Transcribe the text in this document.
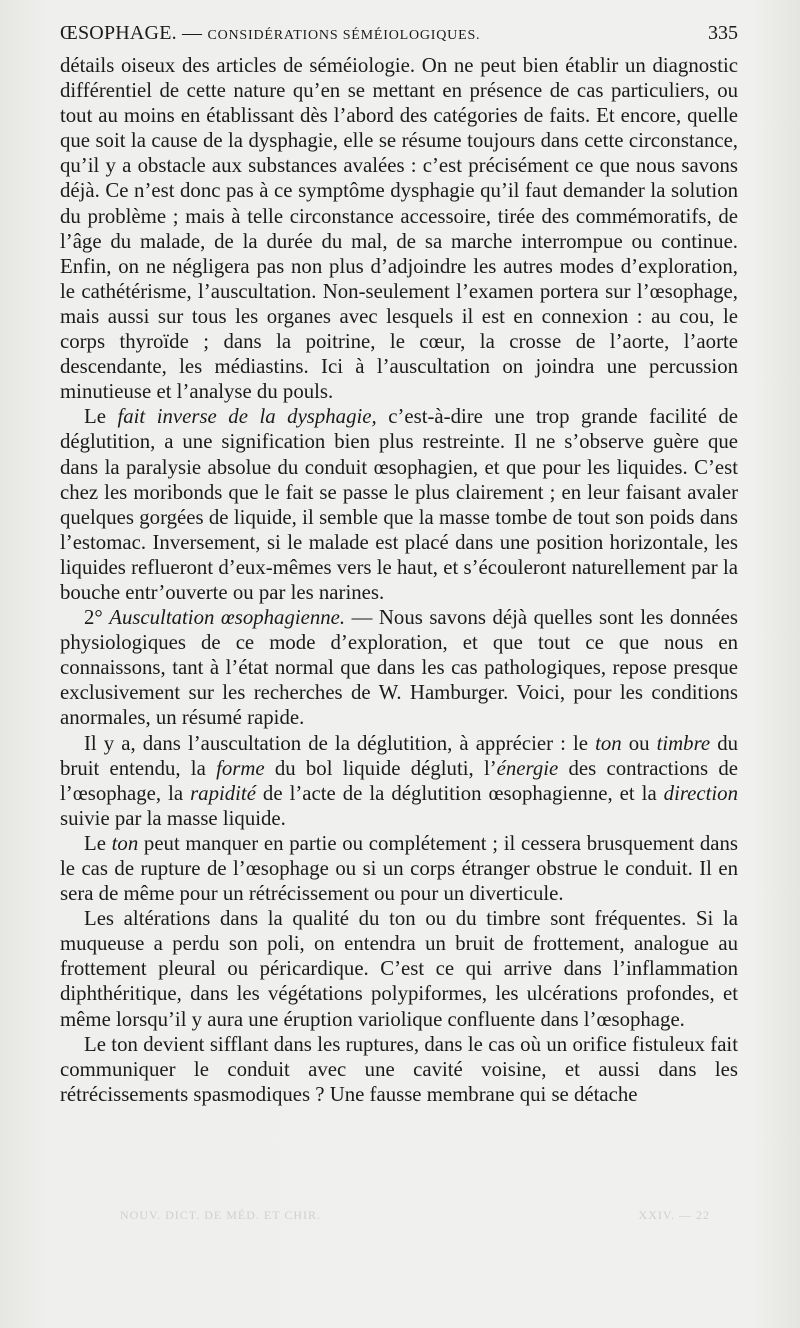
ŒSOPHAGE. — CONSIDÉRATIONS SÉMÉIOLOGIQUES.	335

détails oiseux des articles de séméiologie. On ne peut bien établir un diagnostic différentiel de cette nature qu’en se mettant en présence de cas particuliers, ou tout au moins en établissant dès l’abord des catégories de faits. Et encore, quelle que soit la cause de la dysphagie, elle se résume toujours dans cette circonstance, qu’il y a obstacle aux substances avalées : c’est précisément ce que nous savons déjà. Ce n’est donc pas à ce symptôme dysphagie qu’il faut demander la solution du problème ; mais à telle circonstance accessoire, tirée des commémoratifs, de l’âge du malade, de la durée du mal, de sa marche interrompue ou continue. Enfin, on ne négligera pas non plus d’adjoindre les autres modes d’exploration, le cathétérisme, l’auscultation. Non-seulement l’examen portera sur l’œsophage, mais aussi sur tous les organes avec lesquels il est en connexion : au cou, le corps thyroïde ; dans la poitrine, le cœur, la crosse de l’aorte, l’aorte descendante, les médiastins. Ici à l’auscultation on joindra une percussion minutieuse et l’analyse du pouls.

Le fait inverse de la dysphagie, c’est-à-dire une trop grande facilité de déglutition, a une signification bien plus restreinte. Il ne s’observe guère que dans la paralysie absolue du conduit œsophagien, et que pour les liquides. C’est chez les moribonds que le fait se passe le plus clairement ; en leur faisant avaler quelques gorgées de liquide, il semble que la masse tombe de tout son poids dans l’estomac. Inversement, si le malade est placé dans une position horizontale, les liquides reflueront d’eux-mêmes vers le haut, et s’écouleront naturellement par la bouche entr’ouverte ou par les narines.

2° Auscultation œsophagienne. — Nous savons déjà quelles sont les données physiologiques de ce mode d’exploration, et que tout ce que nous en connaissons, tant à l’état normal que dans les cas pathologiques, repose presque exclusivement sur les recherches de W. Hamburger. Voici, pour les conditions anormales, un résumé rapide.

Il y a, dans l’auscultation de la déglutition, à apprécier : le ton ou timbre du bruit entendu, la forme du bol liquide dégluti, l’énergie des contractions de l’œsophage, la rapidité de l’acte de la déglutition œsophagienne, et la direction suivie par la masse liquide.

Le ton peut manquer en partie ou complétement ; il cessera brusquement dans le cas de rupture de l’œsophage ou si un corps étranger obstrue le conduit. Il en sera de même pour un rétrécissement ou pour un diverticule.

Les altérations dans la qualité du ton ou du timbre sont fréquentes. Si la muqueuse a perdu son poli, on entendra un bruit de frottement, analogue au frottement pleural ou péricardique. C’est ce qui arrive dans l’inflammation diphthéritique, dans les végétations polypiformes, les ulcérations profondes, et même lorsqu’il y aura une éruption variolique confluente dans l’œsophage.

Le ton devient sifflant dans les ruptures, dans le cas où un orifice fistuleux fait communiquer le conduit avec une cavité voisine, et aussi dans les rétrécissements spasmodiques ? Une fausse membrane qui se détache

NOUV. DICT. DE MÉD. ET CHIR.	XXIV. — 22
